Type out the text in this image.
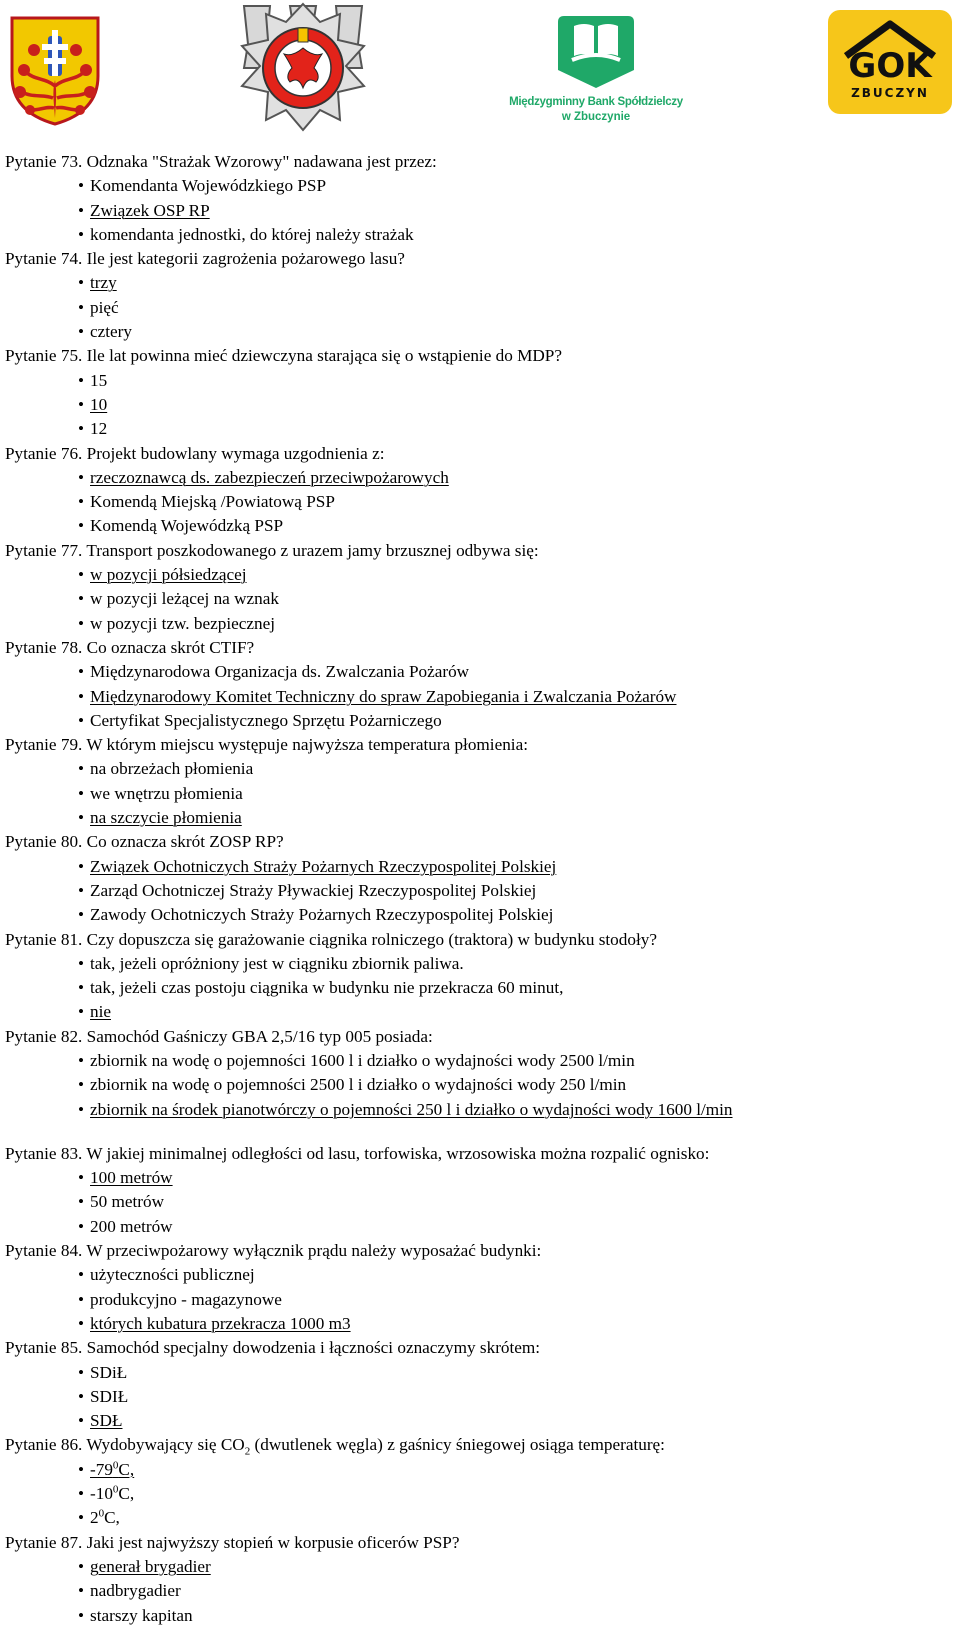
Międzygminny Bank Spółdzielczy
w Zbuczynie
GOK
ZBUCZYN
Pytanie 73. Odznaka "Strażak Wzorowy" nadawana jest przez:
• Komendanta Wojewódzkiego PSP
• Związek OSP RP
• komendanta jednostki, do której należy strażak
Pytanie 74. Ile jest kategorii zagrożenia pożarowego lasu?
• trzy
• pięć
• cztery
Pytanie 75. Ile lat powinna mieć dziewczyna starająca się o wstąpienie do MDP?
• 15
• 10
• 12
Pytanie 76. Projekt budowlany wymaga uzgodnienia z:
• rzeczoznawcą ds. zabezpieczeń przeciwpożarowych
• Komendą Miejską /Powiatową PSP
• Komendą Wojewódzką PSP
Pytanie 77. Transport poszkodowanego z urazem jamy brzusznej odbywa się:
• w pozycji półsiedzącej
• w pozycji leżącej na wznak
• w pozycji tzw. bezpiecznej
Pytanie 78. Co oznacza skrót CTIF?
• Międzynarodowa Organizacja ds. Zwalczania Pożarów
• Międzynarodowy Komitet Techniczny do spraw Zapobiegania i Zwalczania Pożarów
• Certyfikat Specjalistycznego Sprzętu Pożarniczego
Pytanie 79. W którym miejscu występuje najwyższa temperatura płomienia:
• na obrzeżach płomienia
• we wnętrzu płomienia
• na szczycie płomienia
Pytanie 80. Co oznacza skrót ZOSP RP?
• Związek Ochotniczych Straży Pożarnych Rzeczypospolitej Polskiej
• Zarząd Ochotniczej Straży Pływackiej Rzeczypospolitej Polskiej
• Zawody Ochotniczych Straży Pożarnych Rzeczypospolitej Polskiej
Pytanie 81. Czy dopuszcza się garażowanie ciągnika rolniczego (traktora) w budynku stodoły?
• tak, jeżeli opróżniony jest w ciągniku zbiornik paliwa.
• tak, jeżeli czas postoju ciągnika w budynku nie przekracza 60 minut,
• nie
Pytanie 82. Samochód Gaśniczy GBA 2,5/16 typ 005 posiada:
• zbiornik na wodę o pojemności 1600 l i działko o wydajności wody 2500 l/min
• zbiornik na wodę o pojemności 2500 l i działko o wydajności wody 250 l/min
• zbiornik na środek pianotwórczy o pojemności 250 l i działko o wydajności wody 1600 l/min
Pytanie 83. W jakiej minimalnej odległości od lasu, torfowiska, wrzosowiska można rozpalić ognisko:
• 100 metrów
• 50 metrów
• 200 metrów
Pytanie 84. W przeciwpożarowy wyłącznik prądu należy wyposażać budynki:
• użyteczności publicznej
• produkcyjno - magazynowe
• których kubatura przekracza 1000 m3
Pytanie 85. Samochód specjalny dowodzenia i łączności oznaczymy skrótem:
• SDiŁ
• SDIŁ
• SDŁ
Pytanie 86. Wydobywający się $CO_2$ (dwutlenek węgla) z gaśnicy śniegowej osiąga temperaturę:
• $-79^0C$,
• $-10^0C$,
• $2^0C$,
Pytanie 87. Jaki jest najwyższy stopień w korpusie oficerów PSP?
• generał brygadier
• nadbrygadier
• starszy kapitan
